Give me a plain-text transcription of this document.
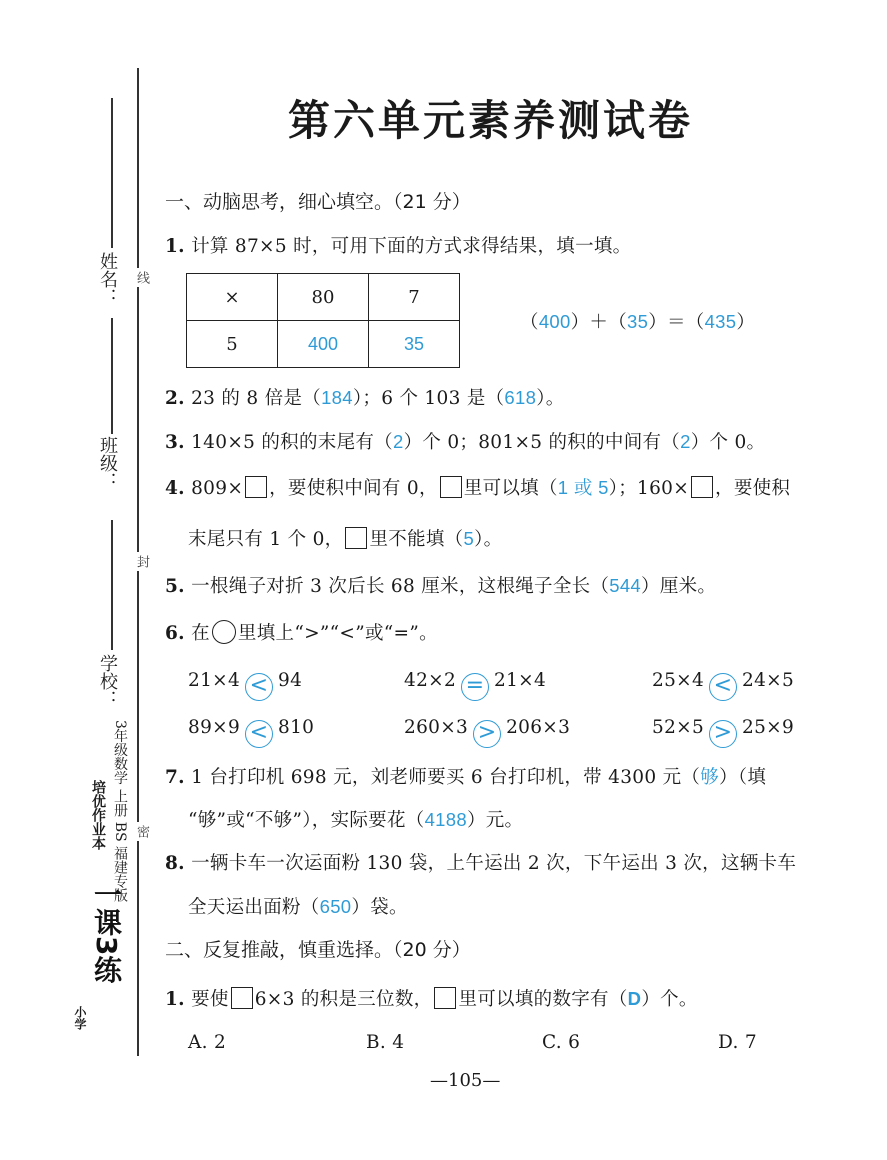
姓名：
班级：
学校：
线
封
密
3年级数学 上册 BS 福建专版
培优作业本
一课3练
小学
第六单元素养测试卷
一、动脑思考，细心填空。（21 分）
1. 计算 87×5 时，可用下面的方式求得结果，填一填。
×	80	7
5	400	35
（400）＋（35）＝（435）
2. 23 的 8 倍是（184）；6 个 103 是（618）。
3. 140×5 的积的末尾有（2）个 0；801×5 的积的中间有（2）个 0。
4. 809× ，要使积中间有 0， 里可以填（1 或 5）；160× ，要使积
末尾只有 1 个 0， 里不能填（5）。
5. 一根绳子对折 3 次后长 68 厘米，这根绳子全长（544）厘米。
6. 在 里填上“>”“<”或“=”。
21×4 < 94	42×2 = 21×4	25×4 < 24×5
89×9 < 810	260×3 > 206×3	52×5 > 25×9
7. 1 台打印机 698 元，刘老师要买 6 台打印机，带 4300 元（够）（填
“够”或“不够”），实际要花（4188）元。
8. 一辆卡车一次运面粉 130 袋，上午运出 2 次，下午运出 3 次，这辆卡车
全天运出面粉（650）袋。
二、反复推敲，慎重选择。（20 分）
1. 要使 6×3 的积是三位数， 里可以填的数字有（D）个。
A. 2	B. 4	C. 6	D. 7
—105—
